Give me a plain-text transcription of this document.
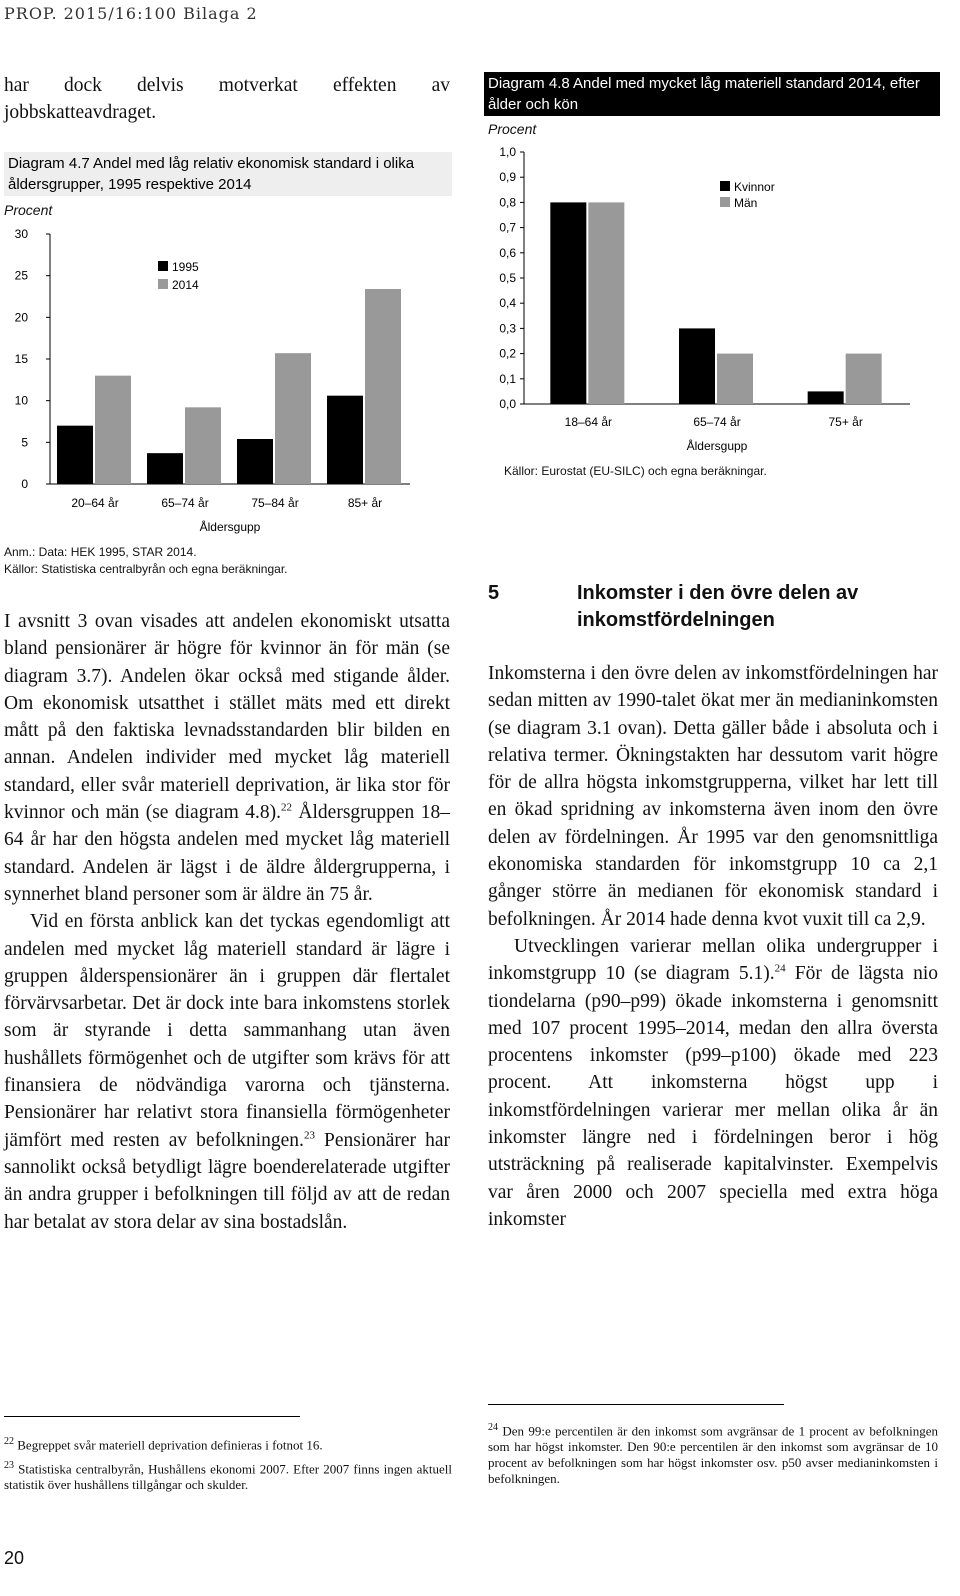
PROP. 2015/16:100 Bilaga 2

har dock delvis motverkat effekten av jobbskatteavdraget.

Diagram 4.7 Andel med låg relativ ekonomisk standard i olika åldersgrupper, 1995 respektive 2014
Procent
0
5
10
15
20
25
30
20–64 år	65–74 år	75–84 år	85+ år
Åldersgupp
1995
2014
Anm.: Data: HEK 1995, STAR 2014.
Källor: Statistiska centralbyrån och egna beräkningar.

I avsnitt 3 ovan visades att andelen ekonomiskt utsatta bland pensionärer är högre för kvinnor än för män (se diagram 3.7). Andelen ökar också med stigande ålder. Om ekonomisk utsatthet i stället mäts med ett direkt mått på den faktiska levnadsstandarden blir bilden en annan. Andelen individer med mycket låg materiell standard, eller svår materiell deprivation, är lika stor för kvinnor och män (se diagram 4.8).$^{22}$ Åldersgruppen 18–64 år har den högsta andelen med mycket låg materiell standard. Andelen är lägst i de äldre åldergrupperna, i synnerhet bland personer som är äldre än 75 år.

Vid en första anblick kan det tyckas egendomligt att andelen med mycket låg materiell standard är lägre i gruppen ålderspensionärer än i gruppen där flertalet förvärvsarbetar. Det är dock inte bara inkomstens storlek som är styrande i detta sammanhang utan även hushållets förmögenhet och de utgifter som krävs för att finansiera de nödvändiga varorna och tjänsterna. Pensionärer har relativt stora finansiella förmögenheter jämfört med resten av befolkningen.$^{23}$ Pensionärer har sannolikt också betydligt lägre boenderelaterade utgifter än andra grupper i befolkningen till följd av att de redan har betalat av stora delar av sina bostadslån.

Diagram 4.8 Andel med mycket låg materiell standard 2014, efter ålder och kön
Procent
0,0
0,1
0,2
0,3
0,4
0,5
0,6
0,7
0,8
0,9
1,0
18–64 år	65–74 år	75+ år
Åldersgupp
Kvinnor
Män
Källor: Eurostat (EU-SILC) och egna beräkningar.
5	Inkomster i den övre delen av inkomstfördelningen

Inkomsterna i den övre delen av inkomstfördelningen har sedan mitten av 1990-talet ökat mer än medianinkomsten (se diagram 3.1 ovan). Detta gäller både i absoluta och i relativa termer. Ökningstakten har dessutom varit högre för de allra högsta inkomstgrupperna, vilket har lett till en ökad spridning av inkomsterna även inom den övre delen av fördelningen. År 1995 var den genomsnittliga ekonomiska standarden för inkomstgrupp 10 ca 2,1 gånger större än medianen för ekonomisk standard i befolkningen. År 2014 hade denna kvot vuxit till ca 2,9.

Utvecklingen varierar mellan olika undergrupper i inkomstgrupp 10 (se diagram 5.1).$^{24}$ För de lägsta nio tiondelarna (p90–p99) ökade inkomsterna i genomsnitt med 107 procent 1995–2014, medan den allra översta procentens inkomster (p99–p100) ökade med 223 procent. Att inkomsterna högst upp i inkomstfördelningen varierar mer mellan olika år än inkomster längre ned i fördelningen beror i hög utsträckning på realiserade kapitalvinster. Exempelvis var åren 2000 och 2007 speciella med extra höga inkomster

$^{22}$ Begreppet svår materiell deprivation definieras i fotnot 16.
$^{23}$ Statistiska centralbyrån, Hushållens ekonomi 2007. Efter 2007 finns ingen aktuell statistik över hushållens tillgångar och skulder.
$^{24}$ Den 99:e percentilen är den inkomst som avgränsar de 1 procent av befolkningen som har högst inkomster. Den 90:e percentilen är den inkomst som avgränsar de 10 procent av befolkningen som har högst inkomster osv. p50 avser medianinkomsten i befolkningen.
20
